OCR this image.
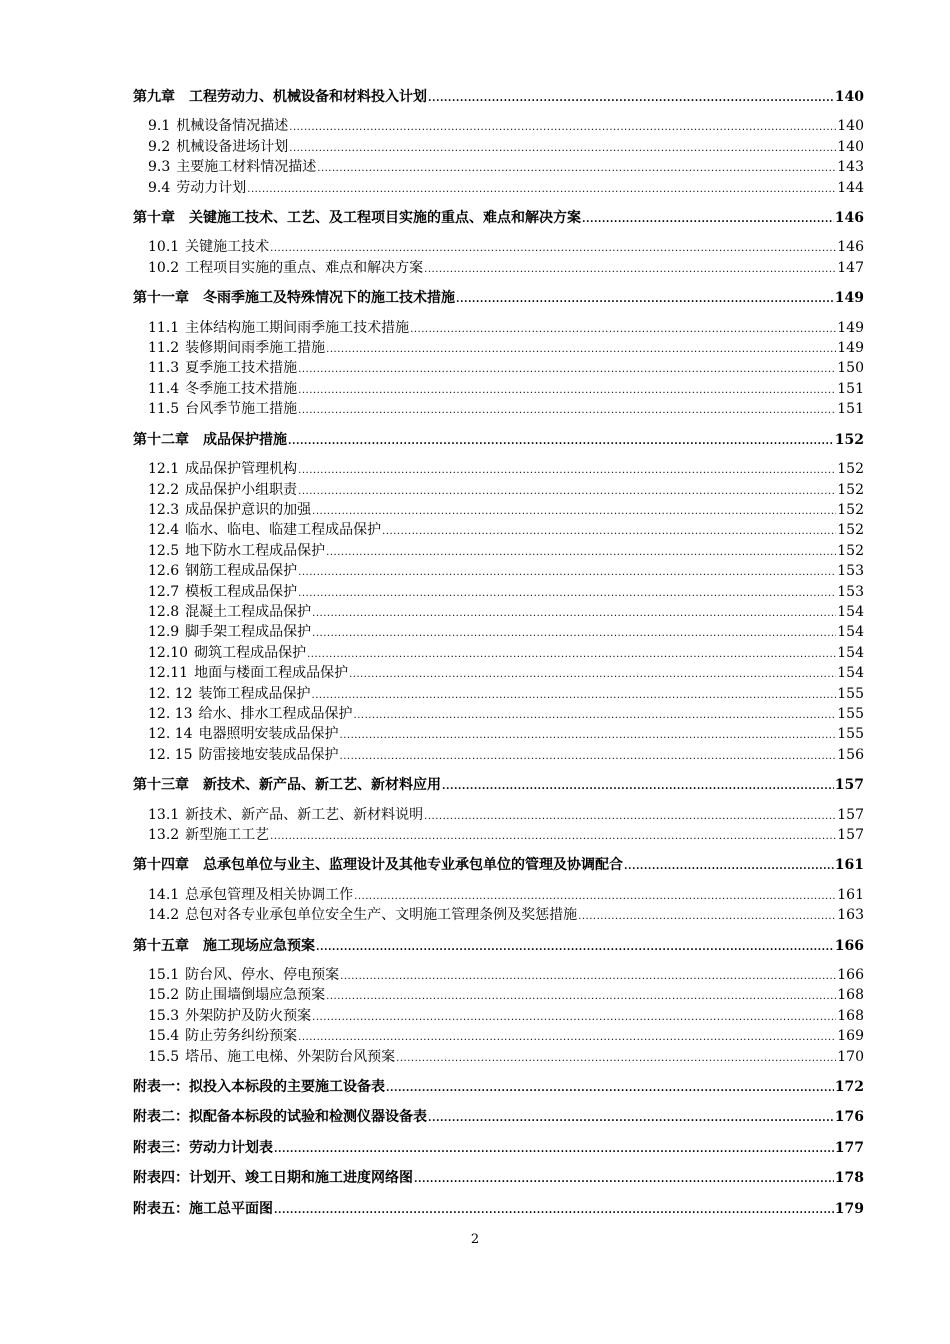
第九章 工程劳动力、机械设备和材料投入计划 .....	140
9.1 机械设备情况描述 .....	140
9.2 机械设备进场计划 .....	140
9.3 主要施工材料情况描述 .....	143
9.4 劳动力计划 .....	144
第十章 关键施工技术、工艺、及工程项目实施的重点、难点和解决方案 .....	146
10.1 关键施工技术 .....	146
10.2 工程项目实施的重点、难点和解决方案 .....	147
第十一章 冬雨季施工及特殊情况下的施工技术措施 .....	149
11.1 主体结构施工期间雨季施工技术措施 .....	149
11.2 装修期间雨季施工措施 .....	149
11.3 夏季施工技术措施 .....	150
11.4 冬季施工技术措施 .....	151
11.5 台风季节施工措施 .....	151
第十二章 成品保护措施 .....	152
12.1 成品保护管理机构 .....	152
12.2 成品保护小组职责 .....	152
12.3 成品保护意识的加强 .....	152
12.4 临水、临电、临建工程成品保护 .....	152
12.5 地下防水工程成品保护 .....	152
12.6 钢筋工程成品保护 .....	153
12.7 模板工程成品保护 .....	153
12.8 混凝土工程成品保护 .....	154
12.9 脚手架工程成品保护 .....	154
12.10 砌筑工程成品保护 .....	154
12.11 地面与楼面工程成品保护 .....	154
12. 12 装饰工程成品保护 .....	155
12. 13 给水、排水工程成品保护 .....	155
12. 14 电器照明安装成品保护 .....	155
12. 15 防雷接地安装成品保护 .....	156
第十三章 新技术、新产品、新工艺、新材料应用 .....	157
13.1 新技术、新产品、新工艺、新材料说明 .....	157
13.2 新型施工工艺 .....	157
第十四章 总承包单位与业主、监理设计及其他专业承包单位的管理及协调配合 .....	161
14.1 总承包管理及相关协调工作 .....	161
14.2 总包对各专业承包单位安全生产、文明施工管理条例及奖惩措施 .....	163
第十五章 施工现场应急预案 .....	166
15.1 防台风、停水、停电预案 .....	166
15.2 防止围墙倒塌应急预案 .....	168
15.3 外架防护及防火预案 .....	168
15.4 防止劳务纠纷预案 .....	169
15.5 塔吊、施工电梯、外架防台风预案 .....	170
附表一：拟投入本标段的主要施工设备表 .....	172
附表二：拟配备本标段的试验和检测仪器设备表 .....	176
附表三：劳动力计划表 .....	177
附表四：计划开、竣工日期和施工进度网络图 .....	178
附表五：施工总平面图 .....	179
2
